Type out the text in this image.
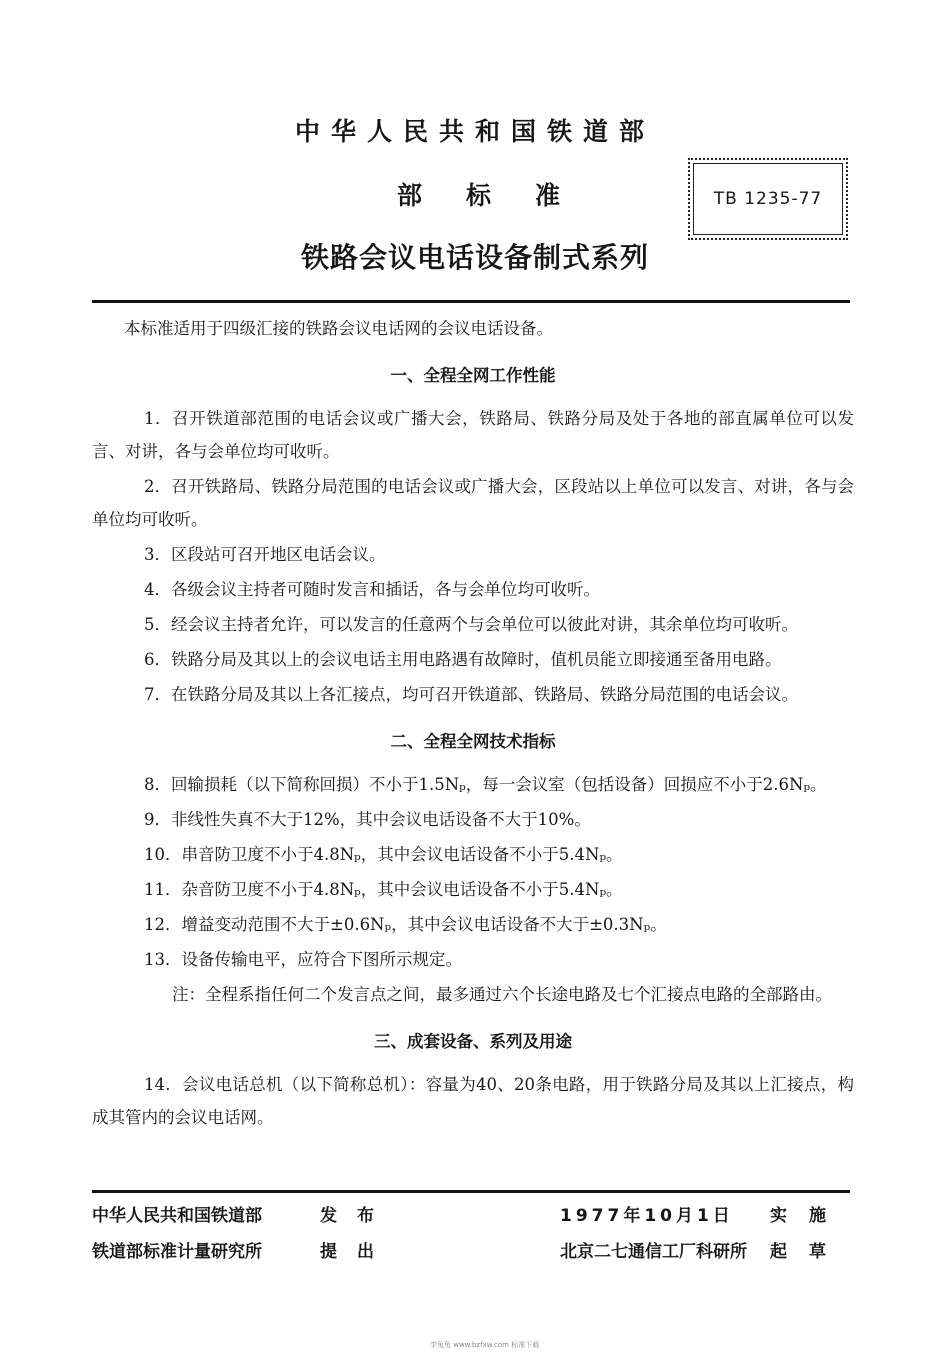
中华人民共和国铁道部
部标准	TB 1235-77
铁路会议电话设备制式系列

本标准适用于四级汇接的铁路会议电话网的会议电话设备。

一、全程全网工作性能

1．召开铁道部范围的电话会议或广播大会，铁路局、铁路分局及处于各地的部直属单位可以发言、对讲，各与会单位均可收听。

2．召开铁路局、铁路分局范围的电话会议或广播大会，区段站以上单位可以发言、对讲，各与会单位均可收听。

3．区段站可召开地区电话会议。

4．各级会议主持者可随时发言和插话，各与会单位均可收听。

5．经会议主持者允许，可以发言的任意两个与会单位可以彼此对讲，其余单位均可收听。

6．铁路分局及其以上的会议电话主用电路遇有故障时，值机员能立即接通至备用电路。

7．在铁路分局及其以上各汇接点，均可召开铁道部、铁路局、铁路分局范围的电话会议。

二、全程全网技术指标

8．回输损耗（以下简称回损）不小于1.5Nₚ，每一会议室（包括设备）回损应不小于2.6Nₚ。

9．非线性失真不大于12%，其中会议电话设备不大于10%。

10．串音防卫度不小于4.8Nₚ，其中会议电话设备不小于5.4Nₚ。

11．杂音防卫度不小于4.8Nₚ，其中会议电话设备不小于5.4Nₚ。

12．增益变动范围不大于±0.6Nₚ，其中会议电话设备不大于±0.3Nₚ。

13．设备传输电平，应符合下图所示规定。

注：全程系指任何二个发言点之间，最多通过六个长途电路及七个汇接点电路的全部路由。

三、成套设备、系列及用途

14．会议电话总机（以下简称总机）：容量为40、20条电路，用于铁路分局及其以上汇接点，构成其管内的会议电话网。

中华人民共和国铁道部	发布	1977年10月1日 实施
铁道部标准计量研究所	提出	北京二七通信工厂科研所 起草
学兔兔 www.bzfxw.com 标准下载
